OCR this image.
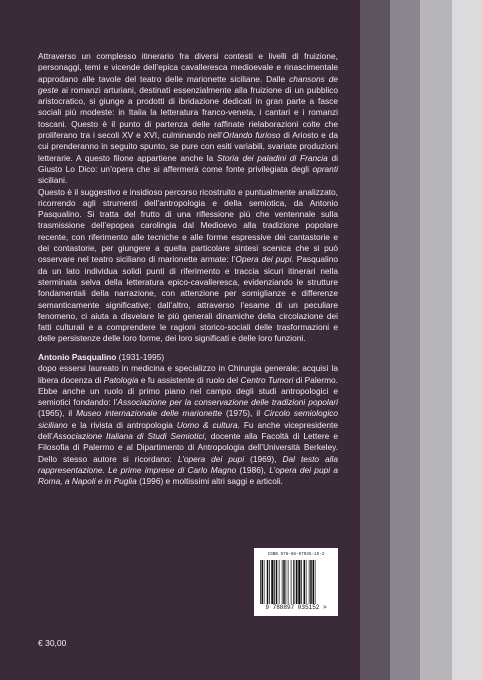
Attraverso un complesso itinerario fra diversi contesti e livelli di fruizione, personaggi, temi e vicende dell’epica cavalleresca medioevale e rinascimentale approdano alle tavole del teatro delle marionette siciliane. Dalle chansons de geste ai romanzi arturiani, destinati essenzialmente alla fruizione di un pubblico aristocratico, si giunge a prodotti di ibridazione dedicati in gran parte a fasce sociali più modeste: in Italia la letteratura franco-veneta, i cantari e i romanzi toscani. Questo è il punto di partenza delle raffinate rielaborazioni colte che proliferano tra i secoli XV e XVI, culminando nell’Orlando furioso di Ariosto e da cui prenderanno in seguito spunto, se pure con esiti variabili, svariate produzioni letterarie. A questo filone appartiene anche la Storia dei paladini di Francia di Giusto Lo Dico: un’opera che si affermerà come fonte privilegiata degli opranti siciliani.

Questo è il suggestivo e insidioso percorso ricostruito e puntualmente analizzato, ricorrendo agli strumenti dell’antropologia e della semiotica, da Antonio Pasqualino. Si tratta del frutto di una riflessione più che ventennale sulla trasmissione dell’epopea carolingia dal Medioevo alla tradizione popolare recente, con riferimento alle tecniche e alle forme espressive dei cantastorie e dei contastorie, per giungere a quella particolare sintesi scenica che si può osservare nel teatro siciliano di marionette armate: l’Opera dei pupi. Pasqualino da un lato individua solidi punti di riferimento e traccia sicuri itinerari nella sterminata selva della letteratura epico-cavalleresca, evidenziando le strutture fondamentali della narrazione, con attenzione per somiglianze e differenze semanticamente significative; dall’altro, attraverso l’esame di un peculiare fenomeno, ci aiuta a disvelare le più generali dinamiche della circolazione dei fatti culturali e a comprendere le ragioni storico-sociali delle trasformazioni e delle persistenze delle loro forme, dei loro significati e delle loro funzioni.

Antonio Pasqualino (1931-1995)

dopo essersi laureato in medicina e specializzo in Chirurgia generale; acquisì la libera docenza di Patologia e fu assistente di ruolo del Centro Tumori di Palermo. Ebbe anche un ruolo di primo piano nel campo degli studi antropologici e semiotici fondando: l’Associazione per la conservazione delle tradizioni popolari (1965), il Museo internazionale delle marionette (1975), il Circolo semiologico siciliano e la rivista di antropologia Uomo & cultura. Fu anche vicepresidente dell’Associazione Italiana di Studi Semiotici, docente alla Facoltà di Lettere e Filosofia di Palermo e al Dipartimento di Antropologia dell’Università Berkeley. Dello stesso autore si ricordano: L’opera dei pupi (1969), Dal testo alla rappresentazione. Le prime imprese di Carlo Magno (1986), L’opera dei pupi a Roma, a Napoli e in Puglia (1996) e moltissimi altri saggi e articoli.

ISBN 978-88-97035-15-2
9 788897 035152 >
€ 30,00
